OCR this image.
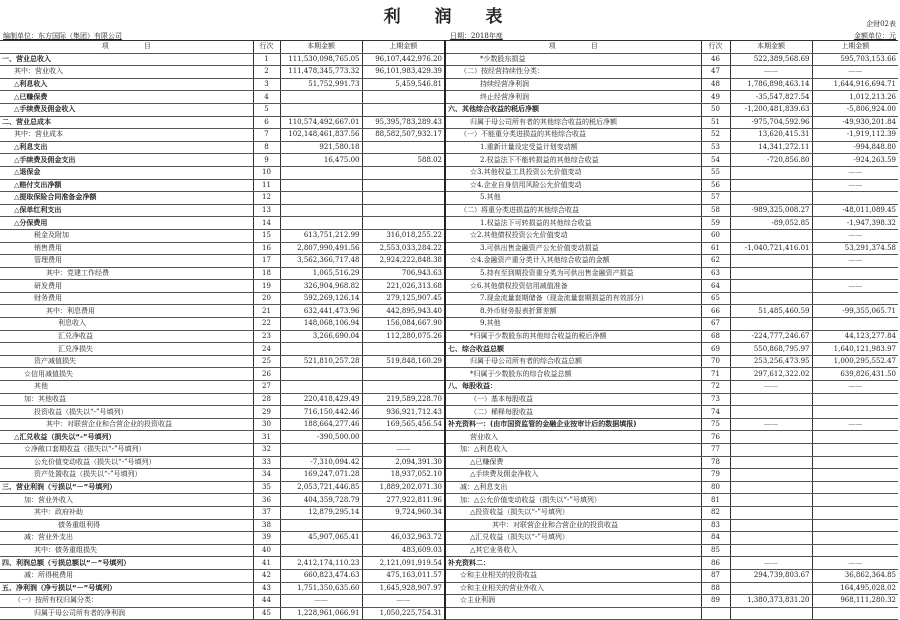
利 润 表	企财02表
编制单位：东方国际（集团）有限公司	日期：2018年度	金额单位：元
项　　　　　目	行次	本期金额	上期金额	项　　　　　目	行次	本期金额	上期金额
一、营业总收入	1	111,530,098,765.05	96,107,442,976.20	*少数股东损益	46	522,389,568.69	595,703,153.66
其中：营业收入	2	111,478,345,773.32	96,101,983,429.39	（二）按经营持续性分类：	47	——	——
△利息收入	3	51,752,991.73	5,459,546.81	持续经营净利润	48	1,786,898,463.14	1,644,916,694.71
△已赚保费	4			终止经营净利润	49	-35,547,827.54	1,012,213.26
△手续费及佣金收入	5			六、其他综合收益的税后净额	50	-1,200,481,839.63	-5,806,924.00
二、营业总成本	6	110,574,492,667.01	95,395,783,289.43	归属于母公司所有者的其他综合收益的税后净额	51	-975,704,592.96	-49,930,201.84
其中：营业成本	7	102,148,461,837.56	88,582,507,932.17	（一）不能重分类进损益的其他综合收益	52	13,620,415.31	-1,919,112.39
△利息支出	8	921,580.18		1.重新计量设定受益计划变动额	53	14,341,272.11	-994,848.80
△手续费及佣金支出	9	16,475.00	588.02	2.权益法下不能转损益的其他综合收益	54	-720,856.80	-924,263.59
△退保金	10			☆3.其他权益工具投资公允价值变动	55		——
△赔付支出净额	11			☆4.企业自身信用风险公允价值变动	56		——
△提取保险合同准备金净额	12			5.其他	57		
△保单红利支出	13			（二）将重分类进损益的其他综合收益	58	-989,325,008.27	-48,011,089.45
△分保费用	14			1.权益法下可转损益的其他综合收益	59	-89,052.85	-1,947,398.32
税金及附加	15	613,751,212.99	316,018,255.22	☆2.其他债权投资公允价值变动	60		——
销售费用	16	2,807,990,491.56	2,553,033,284.22	3.可供出售金融资产公允价值变动损益	61	-1,040,721,416.01	53,291,374.58
管理费用	17	3,562,366,717.48	2,924,222,848.38	☆4.金融资产重分类计入其他综合收益的金额	62		——
其中：党建工作经费	18	1,065,516.29	706,943.63	5.持有至到期投资重分类为可供出售金融资产损益	63		
研发费用	19	326,904,968.82	221,026,313.68	☆6.其他债权投资信用减值准备	64		——
财务费用	20	592,269,126.14	279,125,907.45	7.现金流量套期储备（现金流量套期损益的有效部分）	65		
其中：利息费用	21	632,441,473.96	442,895,943.40	8.外币财务报表折算差额	66	51,485,460.59	-99,355,065.71
利息收入	22	148,068,106.94	156,084,667.90	9.其他	67		
汇兑净收益	23	3,266,690.04	112,280,075.26	*归属于少数股东的其他综合收益的税后净额	68	-224,777,246.67	44,123,277.84
汇兑净损失	24			七、综合收益总额	69	550,868,795.97	1,640,121,983.97
资产减值损失	25	521,810,257.28	519,848,160.29	归属于母公司所有者的综合收益总额	70	253,256,473.95	1,000,295,552.47
☆信用减值损失	26			*归属于少数股东的综合收益总额	71	297,612,322.02	639,826,431.50
其他	27			八、每股收益：	72	——	——
加：其他收益	28	220,418,429.49	219,589,228.70	（一）基本每股收益	73		
投资收益（损失以“-”号填列）	29	716,150,442.46	936,921,712.43	（二）稀释每股收益	74		
其中：对联营企业和合营企业的投资收益	30	188,664,277.46	169,565,456.54	补充资料一：(由市国资监管的金融企业按审计后的数据填报)	75	——	——
△汇兑收益（损失以“-”号填列）	31	-390,500.00		营业收入	76		
☆净敞口套期收益（损失以“-”号填列）	32		——	加：△利息收入	77		
公允价值变动收益（损失以“-”号填列）	33	-7,310,094.42	2,094,391.30	△已赚保费	78		
资产处置收益（损失以“-”号填列）	34	169,247,071.28	18,937,052.10	△手续费及佣金净收入	79		
三、营业利润（亏损以“－”号填列）	35	2,053,721,446.85	1,889,202,071.30	减：△利息支出	80		
加：营业外收入	36	404,359,728.79	277,922,811.96	加：△公允价值变动收益（损失以“-”号填列）	81		
其中：政府补助	37	12,879,295.14	9,724,960.34	△投资收益（损失以“-”号填列）	82		
债务重组利得	38			其中：对联营企业和合营企业的投资收益	83		
减：营业外支出	39	45,907,065.41	46,032,963.72	△汇兑收益（损失以“-”号填列）	84		
其中：债务重组损失	40		483,609.03	△其它业务收入	85		
四、利润总额（亏损总额以“－”号填列）	41	2,412,174,110.23	2,121,091,919.54	补充资料二：	86	——	——
减：所得税费用	42	660,823,474.63	475,163,011.57	☆和主业相关的投资收益	87	294,739,803.67	36,862,364.85
五、净利润（净亏损以“－”号填列）	43	1,751,350,635.60	1,645,928,907.97	☆和主业相关的营业外收入	88		164,495,028.02
（一）按所有权归属分类：	44	——	——	☆主业利润	89	1,380,373,831.20	968,111,280.32
归属于母公司所有者的净利润	45	1,228,961,066.91	1,050,225,754.31				
